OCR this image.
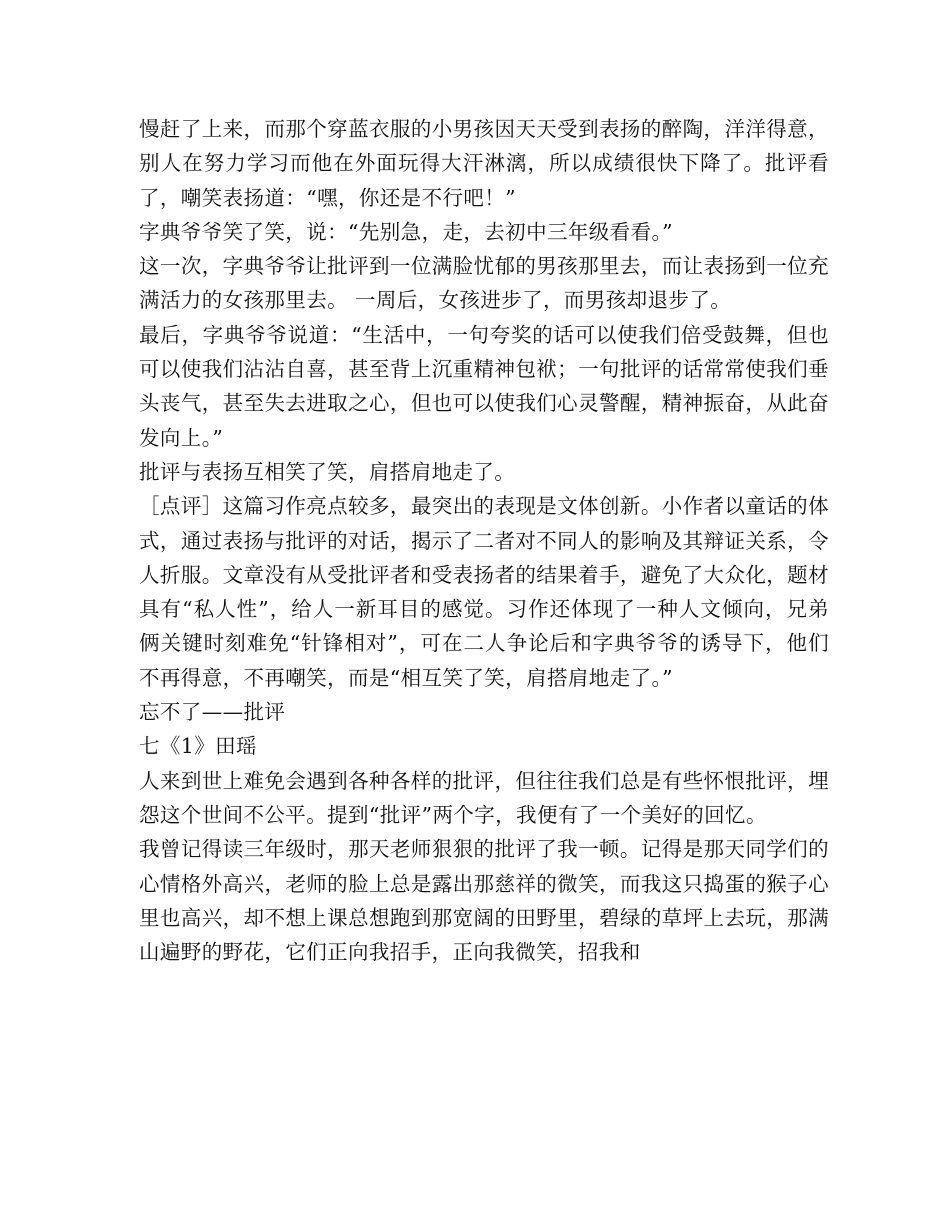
慢赶了上来，而那个穿蓝衣服的小男孩因天天受到表扬的醉陶，洋洋得意，别人在努力学习而他在外面玩得大汗淋漓，所以成绩很快下降了。批评看了，嘲笑表扬道：“嘿，你还是不行吧！”

字典爷爷笑了笑，说：“先别急，走，去初中三年级看看。”

这一次，字典爷爷让批评到一位满脸忧郁的男孩那里去，而让表扬到一位充满活力的女孩那里去。 一周后，女孩进步了，而男孩却退步了。

最后，字典爷爷说道：“生活中，一句夸奖的话可以使我们倍受鼓舞，但也可以使我们沾沾自喜，甚至背上沉重精神包袱；一句批评的话常常使我们垂头丧气，甚至失去进取之心，但也可以使我们心灵警醒，精神振奋，从此奋发向上。”

批评与表扬互相笑了笑，肩搭肩地走了。

［点评］这篇习作亮点较多，最突出的表现是文体创新。小作者以童话的体式，通过表扬与批评的对话，揭示了二者对不同人的影响及其辩证关系，令人折服。文章没有从受批评者和受表扬者的结果着手，避免了大众化，题材具有“私人性”，给人一新耳目的感觉。习作还体现了一种人文倾向，兄弟俩关键时刻难免“针锋相对”，可在二人争论后和字典爷爷的诱导下，他们不再得意，不再嘲笑，而是“相互笑了笑，肩搭肩地走了。”

忘不了——批评

七《1》田瑶

人来到世上难免会遇到各种各样的批评，但往往我们总是有些怀恨批评，埋怨这个世间不公平。提到“批评”两个字，我便有了一个美好的回忆。

我曾记得读三年级时，那天老师狠狠的批评了我一顿。记得是那天同学们的心情格外高兴，老师的脸上总是露出那慈祥的微笑，而我这只捣蛋的猴子心里也高兴，却不想上课总想跑到那宽阔的田野里，碧绿的草坪上去玩，那满山遍野的野花，它们正向我招手，正向我微笑，招我和
